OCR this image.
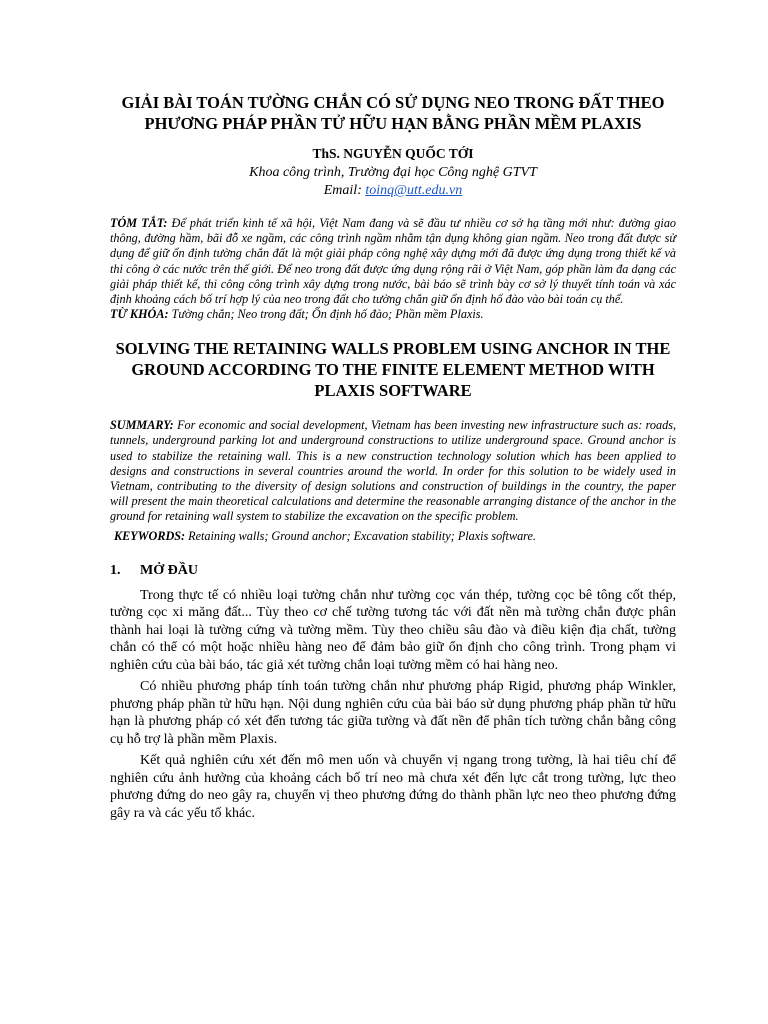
GIẢI BÀI TOÁN TƯỜNG CHẮN CÓ SỬ DỤNG NEO TRONG ĐẤT THEO PHƯƠNG PHÁP PHẦN TỬ HỮU HẠN BẰNG PHẦN MỀM PLAXIS
ThS. NGUYỄN QUỐC TỚI
Khoa công trình, Trường đại học Công nghệ GTVT
Email: toinq@utt.edu.vn
TÓM TẮT: Để phát triển kinh tế xã hội, Việt Nam đang và sẽ đầu tư nhiều cơ sở hạ tầng mới như: đường giao thông, đường hầm, bãi đỗ xe ngầm, các công trình ngầm nhằm tận dụng không gian ngầm. Neo trong đất được sử dụng để giữ ổn định tường chắn đất là một giải pháp công nghệ xây dựng mới đã được ứng dụng trong thiết kế và thi công ở các nước trên thế giới. Để neo trong đất được ứng dụng rộng rãi ở Việt Nam, góp phần làm đa dạng các giải pháp thiết kế, thi công công trình xây dựng trong nước, bài báo sẽ trình bày cơ sở lý thuyết tính toán và xác định khoảng cách bố trí hợp lý của neo trong đất cho tường chắn giữ ổn định hố đào vào bài toán cụ thể.
TỪ KHÓA: Tường chắn; Neo trong đất; Ổn định hố đào; Phần mềm Plaxis.
SOLVING THE RETAINING WALLS PROBLEM USING ANCHOR IN THE GROUND ACCORDING TO THE FINITE ELEMENT METHOD WITH PLAXIS SOFTWARE
SUMMARY: For economic and social development, Vietnam has been investing new infrastructure such as: roads, tunnels, underground parking lot and underground constructions to utilize underground space. Ground anchor is used to stabilize the retaining wall. This is a new construction technology solution which has been applied to designs and constructions in several countries around the world. In order for this solution to be widely used in Vietnam, contributing to the diversity of design solutions and construction of buildings in the country, the paper will present the main theoretical calculations and determine the reasonable arranging distance of the anchor in the ground for retaining wall system to stabilize the excavation on the specific problem.
KEYWORDS: Retaining walls; Ground anchor; Excavation stability; Plaxis software.
1.	MỞ ĐẦU

Trong thực tế có nhiều loại tường chắn như tường cọc ván thép, tường cọc bê tông cốt thép, tường cọc xi măng đất... Tùy theo cơ chế tường tương tác với đất nền mà tường chắn được phân thành hai loại là tường cứng và tường mềm. Tùy theo chiều sâu đào và điều kiện địa chất, tường chắn có thể có một hoặc nhiều hàng neo để đảm bảo giữ ổn định cho công trình. Trong phạm vi nghiên cứu của bài báo, tác giả xét tường chắn loại tường mềm có hai hàng neo.

Có nhiều phương pháp tính toán tường chắn như phương pháp Rigid, phương pháp Winkler, phương pháp phần tử hữu hạn. Nội dung nghiên cứu của bài báo sử dụng phương pháp phần tử hữu hạn là phương pháp có xét đến tương tác giữa tường và đất nền để phân tích tường chắn bằng công cụ hỗ trợ là phần mềm Plaxis.

Kết quả nghiên cứu xét đến mô men uốn và chuyển vị ngang trong tường, là hai tiêu chí để nghiên cứu ảnh hưởng của khoảng cách bố trí neo mà chưa xét đến lực cắt trong tường, lực theo phương đứng do neo gây ra, chuyển vị theo phương đứng do thành phần lực neo theo phương đứng gây ra và các yếu tố khác.
